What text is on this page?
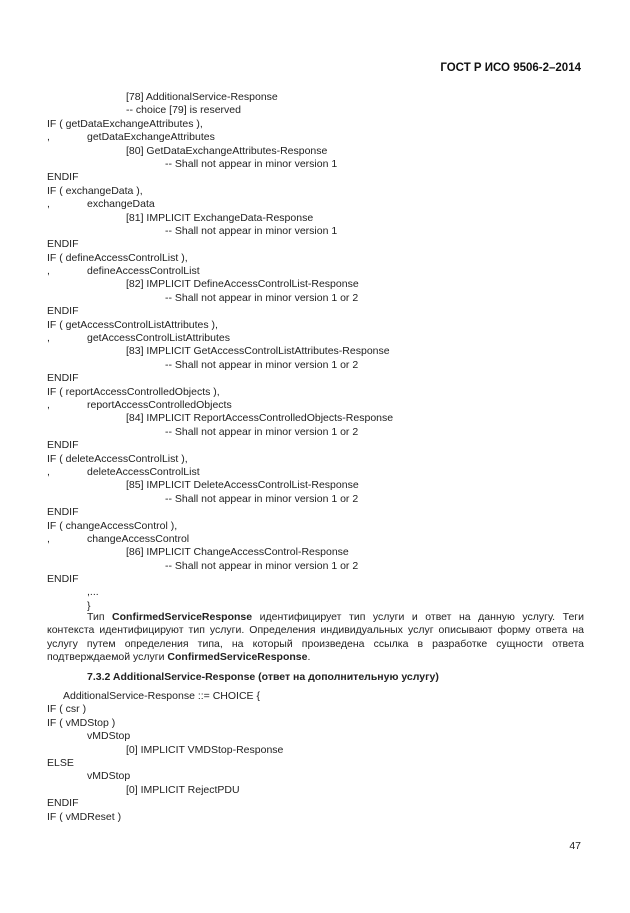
ГОСТ Р ИСО 9506-2–2014
[78] AdditionalService-Response
-- choice [79] is reserved
IF ( getDataExchangeAttributes ),
,	getDataExchangeAttributes
[80] GetDataExchangeAttributes-Response
-- Shall not appear in minor version 1
ENDIF
IF ( exchangeData ),
,	exchangeData
[81] IMPLICIT ExchangeData-Response
-- Shall not appear in minor version 1
ENDIF
IF ( defineAccessControlList ),
,	defineAccessControlList
[82] IMPLICIT DefineAccessControlList-Response
-- Shall not appear in minor version 1 or 2
ENDIF
IF ( getAccessControlListAttributes ),
,	getAccessControlListAttributes
[83] IMPLICIT GetAccessControlListAttributes-Response
-- Shall not appear in minor version 1 or 2
ENDIF
IF ( reportAccessControlledObjects ),
,	reportAccessControlledObjects
[84] IMPLICIT ReportAccessControlledObjects-Response
-- Shall not appear in minor version 1 or 2
ENDIF
IF ( deleteAccessControlList ),
,	deleteAccessControlList
[85] IMPLICIT DeleteAccessControlList-Response
-- Shall not appear in minor version 1 or 2
ENDIF
IF ( changeAccessControl ),
,	changeAccessControl
[86] IMPLICIT ChangeAccessControl-Response
-- Shall not appear in minor version 1 or 2
ENDIF
,...
}
Тип ConfirmedServiceResponse идентифицирует тип услуги и ответ на данную услугу. Теги контекста идентифицируют тип услуги. Определения индивидуальных услуг описывают форму ответа на услугу путем определения типа, на который произведена ссылка в разработке сущности ответа подтверждаемой услуги ConfirmedServiceResponse.
7.3.2 AdditionalService-Response (ответ на дополнительную услугу)
AdditionalService-Response ::= CHOICE {
IF ( csr )
IF ( vMDStop )
vMDStop
[0] IMPLICIT VMDStop-Response
ELSE
vMDStop
[0] IMPLICIT RejectPDU
ENDIF
IF ( vMDReset )
47
